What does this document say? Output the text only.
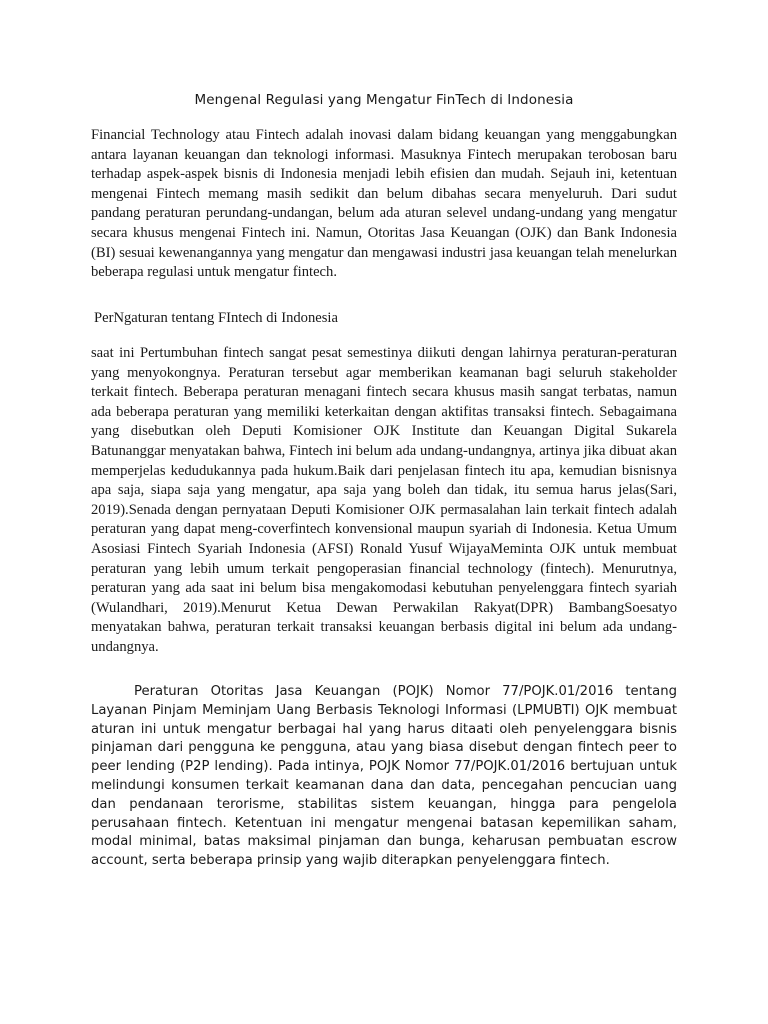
Mengenal Regulasi yang Mengatur FinTech di Indonesia

Financial Technology atau Fintech adalah inovasi dalam bidang keuangan yang menggabungkan antara layanan keuangan dan teknologi informasi. Masuknya Fintech merupakan terobosan baru terhadap aspek-aspek bisnis di Indonesia menjadi lebih efisien dan mudah. Sejauh ini, ketentuan mengenai Fintech memang masih sedikit dan belum dibahas secara menyeluruh. Dari sudut pandang peraturan perundang-undangan, belum ada aturan selevel undang-undang yang mengatur secara khusus mengenai Fintech ini. Namun, Otoritas Jasa Keuangan (OJK) dan Bank Indonesia (BI) sesuai kewenangannya yang mengatur dan mengawasi industri jasa keuangan telah menelurkan beberapa regulasi untuk mengatur fintech.

PerNgaturan tentang FIntech di Indonesia

saat ini Pertumbuhan fintech sangat pesat semestinya diikuti dengan lahirnya peraturan-peraturan yang menyokongnya. Peraturan tersebut agar memberikan keamanan bagi seluruh stakeholder terkait fintech. Beberapa peraturan menagani fintech secara khusus masih sangat terbatas, namun ada beberapa peraturan yang memiliki keterkaitan dengan aktifitas transaksi fintech. Sebagaimana yang disebutkan oleh Deputi Komisioner OJK Institute dan Keuangan Digital Sukarela Batunanggar menyatakan bahwa, Fintech ini belum ada undang-undangnya, artinya jika dibuat akan memperjelas kedudukannya pada hukum.Baik dari penjelasan fintech itu apa, kemudian bisnisnya apa saja, siapa saja yang mengatur, apa saja yang boleh dan tidak, itu semua harus jelas(Sari, 2019).Senada dengan pernyataan Deputi Komisioner OJK permasalahan lain terkait fintech adalah peraturan yang dapat meng-coverfintech konvensional maupun syariah di Indonesia. Ketua Umum Asosiasi Fintech Syariah Indonesia (AFSI) Ronald Yusuf WijayaMeminta OJK untuk membuat peraturan yang lebih umum terkait pengoperasian financial technology (fintech). Menurutnya, peraturan yang ada saat ini belum bisa mengakomodasi kebutuhan penyelenggara fintech syariah (Wulandhari, 2019).Menurut Ketua Dewan Perwakilan Rakyat(DPR) BambangSoesatyo menyatakan bahwa, peraturan terkait transaksi keuangan berbasis digital ini belum ada undang-undangnya.

Peraturan Otoritas Jasa Keuangan (POJK) Nomor 77/POJK.01/2016 tentang Layanan Pinjam Meminjam Uang Berbasis Teknologi Informasi (LPMUBTI) OJK membuat aturan ini untuk mengatur berbagai hal yang harus ditaati oleh penyelenggara bisnis pinjaman dari pengguna ke pengguna, atau yang biasa disebut dengan fintech peer to peer lending (P2P lending). Pada intinya, POJK Nomor 77/POJK.01/2016 bertujuan untuk melindungi konsumen terkait keamanan dana dan data, pencegahan pencucian uang dan pendanaan terorisme, stabilitas sistem keuangan, hingga para pengelola perusahaan fintech. Ketentuan ini mengatur mengenai batasan kepemilikan saham, modal minimal, batas maksimal pinjaman dan bunga, keharusan pembuatan escrow account, serta beberapa prinsip yang wajib diterapkan penyelenggara fintech.
